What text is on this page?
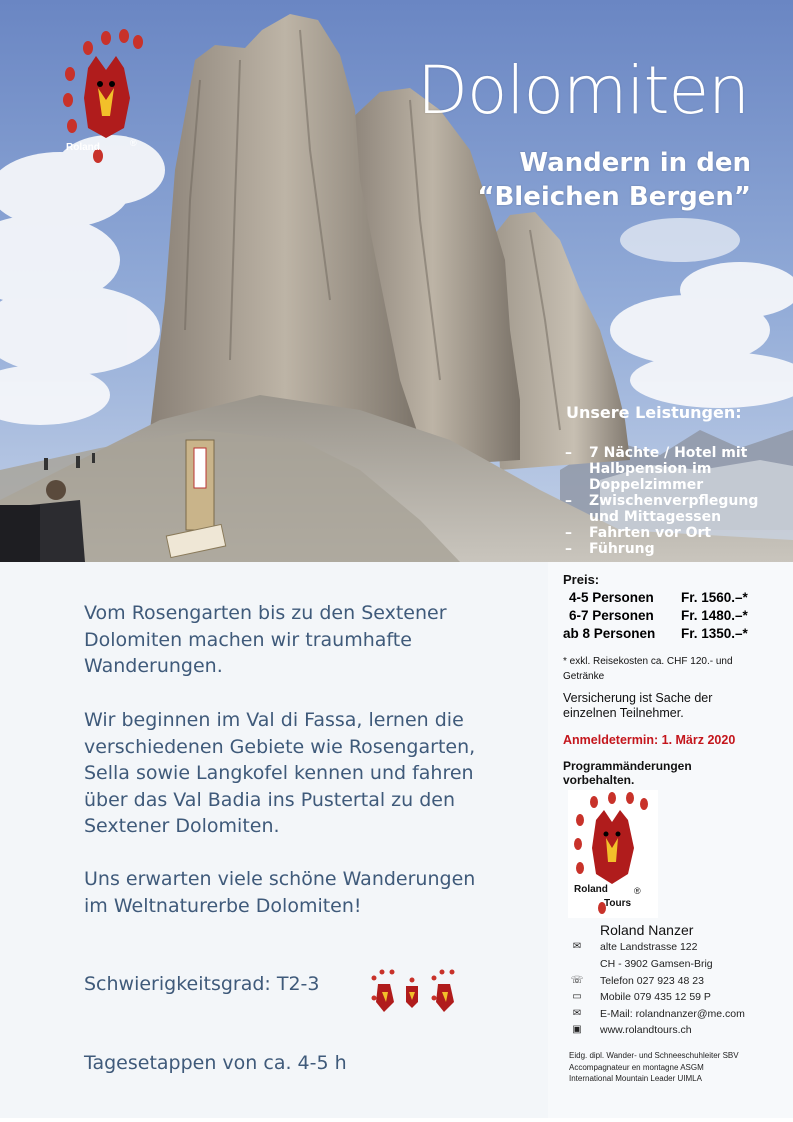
Roland	®
Dolomiten
Wandern in den
“Bleichen Bergen”
Unsere Leistungen:
– 7 Nächte / Hotel mit Halbpension im Doppelzimmer
– Zwischenverpflegung und Mittagessen
– Fahrten vor Ort
– Führung
Vom Rosengarten bis zu den Sextener Dolomiten machen wir traumhafte Wanderungen.
Wir beginnen im Val di Fassa, lernen die verschiedenen Gebiete wie Rosengarten, Sella sowie Langkofel kennen und fahren über das Val Badia ins Pustertal zu den Sextener Dolomiten.
Uns erwarten viele schöne Wanderungen im Weltnaturerbe Dolomiten!
Schwierigkeitsgrad: T2-3
Tagesetappen von ca. 4-5 h
Preis:
4-5 Personen	Fr. 1560.–*
6-7 Personen	Fr. 1480.–*
ab 8 Personen	Fr. 1350.–*
* exkl. Reisekosten ca. CHF 120.- und Getränke
Versicherung ist Sache der einzelnen Teilnehmer.
Anmeldetermin: 1. März 2020
Programmänderungen vorbehalten.
Roland
Tours
®
Roland Nanzer
✉	alte Landstrasse 122
CH - 3902 Gamsen-Brig
☏ Telefon 027 923 48 23
▭	Mobile 079 435 12 59 P
✉	E-Mail: rolandnanzer@me.com
▣	www.rolandtours.ch
Eidg. dipl. Wander- und Schneeschuhleiter SBV
Accompagnateur en montagne ASGM
International Mountain Leader UIMLA
